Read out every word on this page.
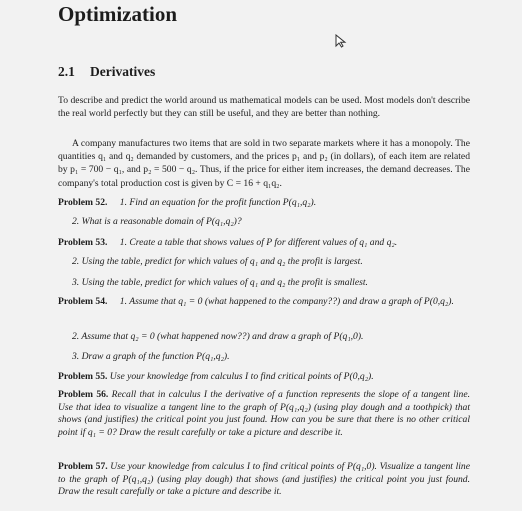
Optimization
2.1 Derivatives
To describe and predict the world around us mathematical models can be used. Most models don't describe the real world perfectly but they can still be useful, and they are better than nothing.
A company manufactures two items that are sold in two separate markets where it has a monopoly. The quantities q₁ and q₂ demanded by customers, and the prices p₁ and p₂ (in dollars), of each item are related by p₁ = 700 − q₁, and p₂ = 500 − q₂. Thus, if the price for either item increases, the demand decreases. The company's total production cost is given by C = 16 + q₁q₂.
Problem 52. 1. Find an equation for the profit function P(q₁,q₂).
2. What is a reasonable domain of P(q₁,q₂)?
Problem 53. 1. Create a table that shows values of P for different values of q₁ and q₂.
2. Using the table, predict for which values of q₁ and q₂ the profit is largest.
3. Using the table, predict for which values of q₁ and q₂ the profit is smallest.
Problem 54. 1. Assume that q₁ = 0 (what happened to the company??) and draw a graph of P(0,q₂).
2. Assume that q₂ = 0 (what happened now??) and draw a graph of P(q₁,0).
3. Draw a graph of the function P(q₁,q₂).
Problem 55. Use your knowledge from calculus I to find critical points of P(0,q₂).
Problem 56. Recall that in calculus I the derivative of a function represents the slope of a tangent line. Use that idea to visualize a tangent line to the graph of P(q₁,q₂) (using play dough and a toothpick) that shows (and justifies) the critical point you just found. How can you be sure that there is no other critical point if q₁ = 0? Draw the result carefully or take a picture and describe it.
Problem 57. Use your knowledge from calculus I to find critical points of P(q₁,0). Visualize a tangent line to the graph of P(q₁,q₂) (using play dough) that shows (and justifies) the critical point you just found. Draw the result carefully or take a picture and describe it.
